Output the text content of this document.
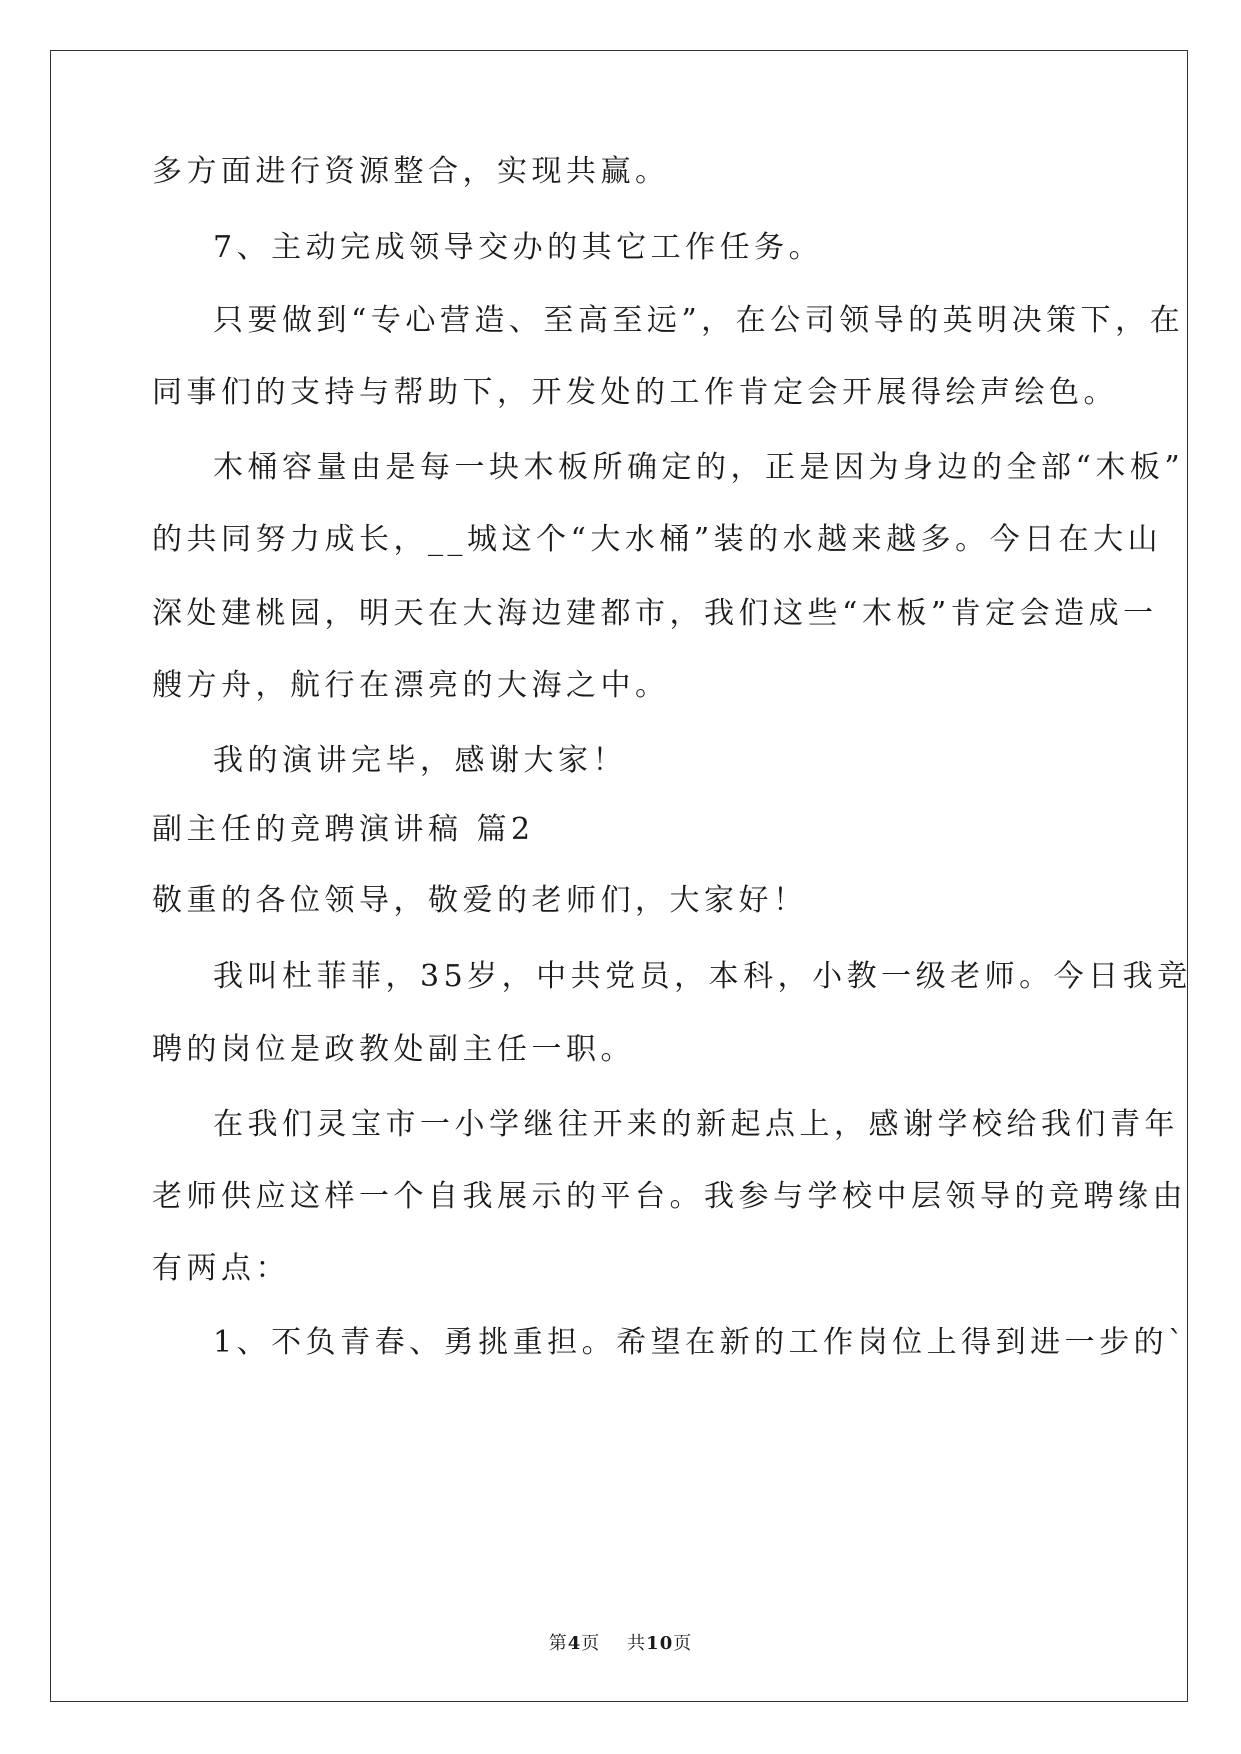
多方面进行资源整合，实现共赢。
7、主动完成领导交办的其它工作任务。
只要做到“专心营造、至高至远”，在公司领导的英明决策下，在
同事们的支持与帮助下，开发处的工作肯定会开展得绘声绘色。
木桶容量由是每一块木板所确定的，正是因为身边的全部“木板”
的共同努力成长，__城这个“大水桶”装的水越来越多。今日在大山
深处建桃园，明天在大海边建都市，我们这些“木板”肯定会造成一
艘方舟，航行在漂亮的大海之中。
我的演讲完毕，感谢大家！
副主任的竞聘演讲稿 篇2
敬重的各位领导，敬爱的老师们，大家好！
我叫杜菲菲，35岁，中共党员，本科，小教一级老师。今日我竞
聘的岗位是政教处副主任一职。
在我们灵宝市一小学继往开来的新起点上，感谢学校给我们青年
老师供应这样一个自我展示的平台。我参与学校中层领导的竞聘缘由
有两点：
1、不负青春、勇挑重担。希望在新的工作岗位上得到进一步的`
第4页 共10页
